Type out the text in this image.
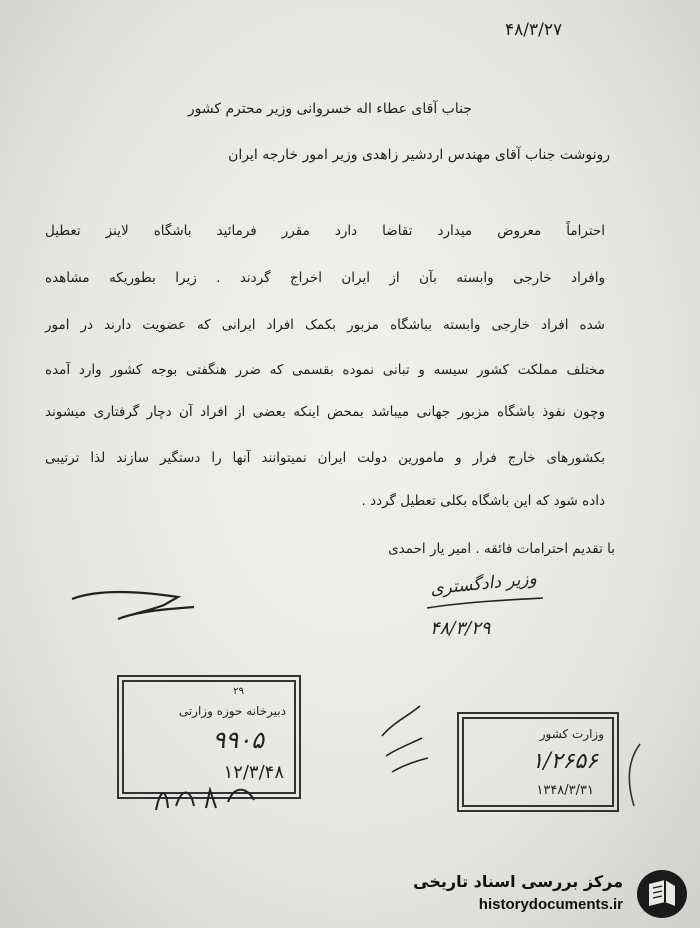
۴۸/۳/۲۷
جناب آقای عطاء اله خسروانی وزیر محترم کشور
رونوشت جناب آقای مهندس اردشیر زاهدی وزیر امور خارجه ایران
احتراماً معروض میدارد تقاضا دارد مقرر فرمائید باشگاه لاینز تعطیل
وافراد خارجی وابسته بآن از ایران اخراج گردند . زیرا بطوریکه مشاهده
شده افراد خارجی وابسته بباشگاه مزبور بکمک افراد ایرانی که عضویت دارند در امور
مختلف مملکت کشور سیسه و تبانی نموده بقسمی که ضرر هنگفتی بوجه کشور وارد آمده
وچون نفوذ باشگاه مزبور جهانی میباشد بمحض اینکه بعضی از افراد آن دچار گرفتاری میشوند
بکشورهای خارج فرار و مامورین دولت ایران نمیتوانند آنها را دستگیر سازند لذا ترتیبی
داده شود که این باشگاه بکلی تعطیل گردد .
با تقدیم احترامات فائقه . امیر یار احمدی
وزیر دادگستری
۴۸/۳/۲۹
۲۹
دبیرخانه حوزه وزارتی
۹۹۰۵
۱۲/۳/۴۸
وزارت کشور
۱/۲۶۵۶
۱۳۴۸/۳/۳۱
مرکز بررسی اسناد تاریخی
historydocuments.ir
